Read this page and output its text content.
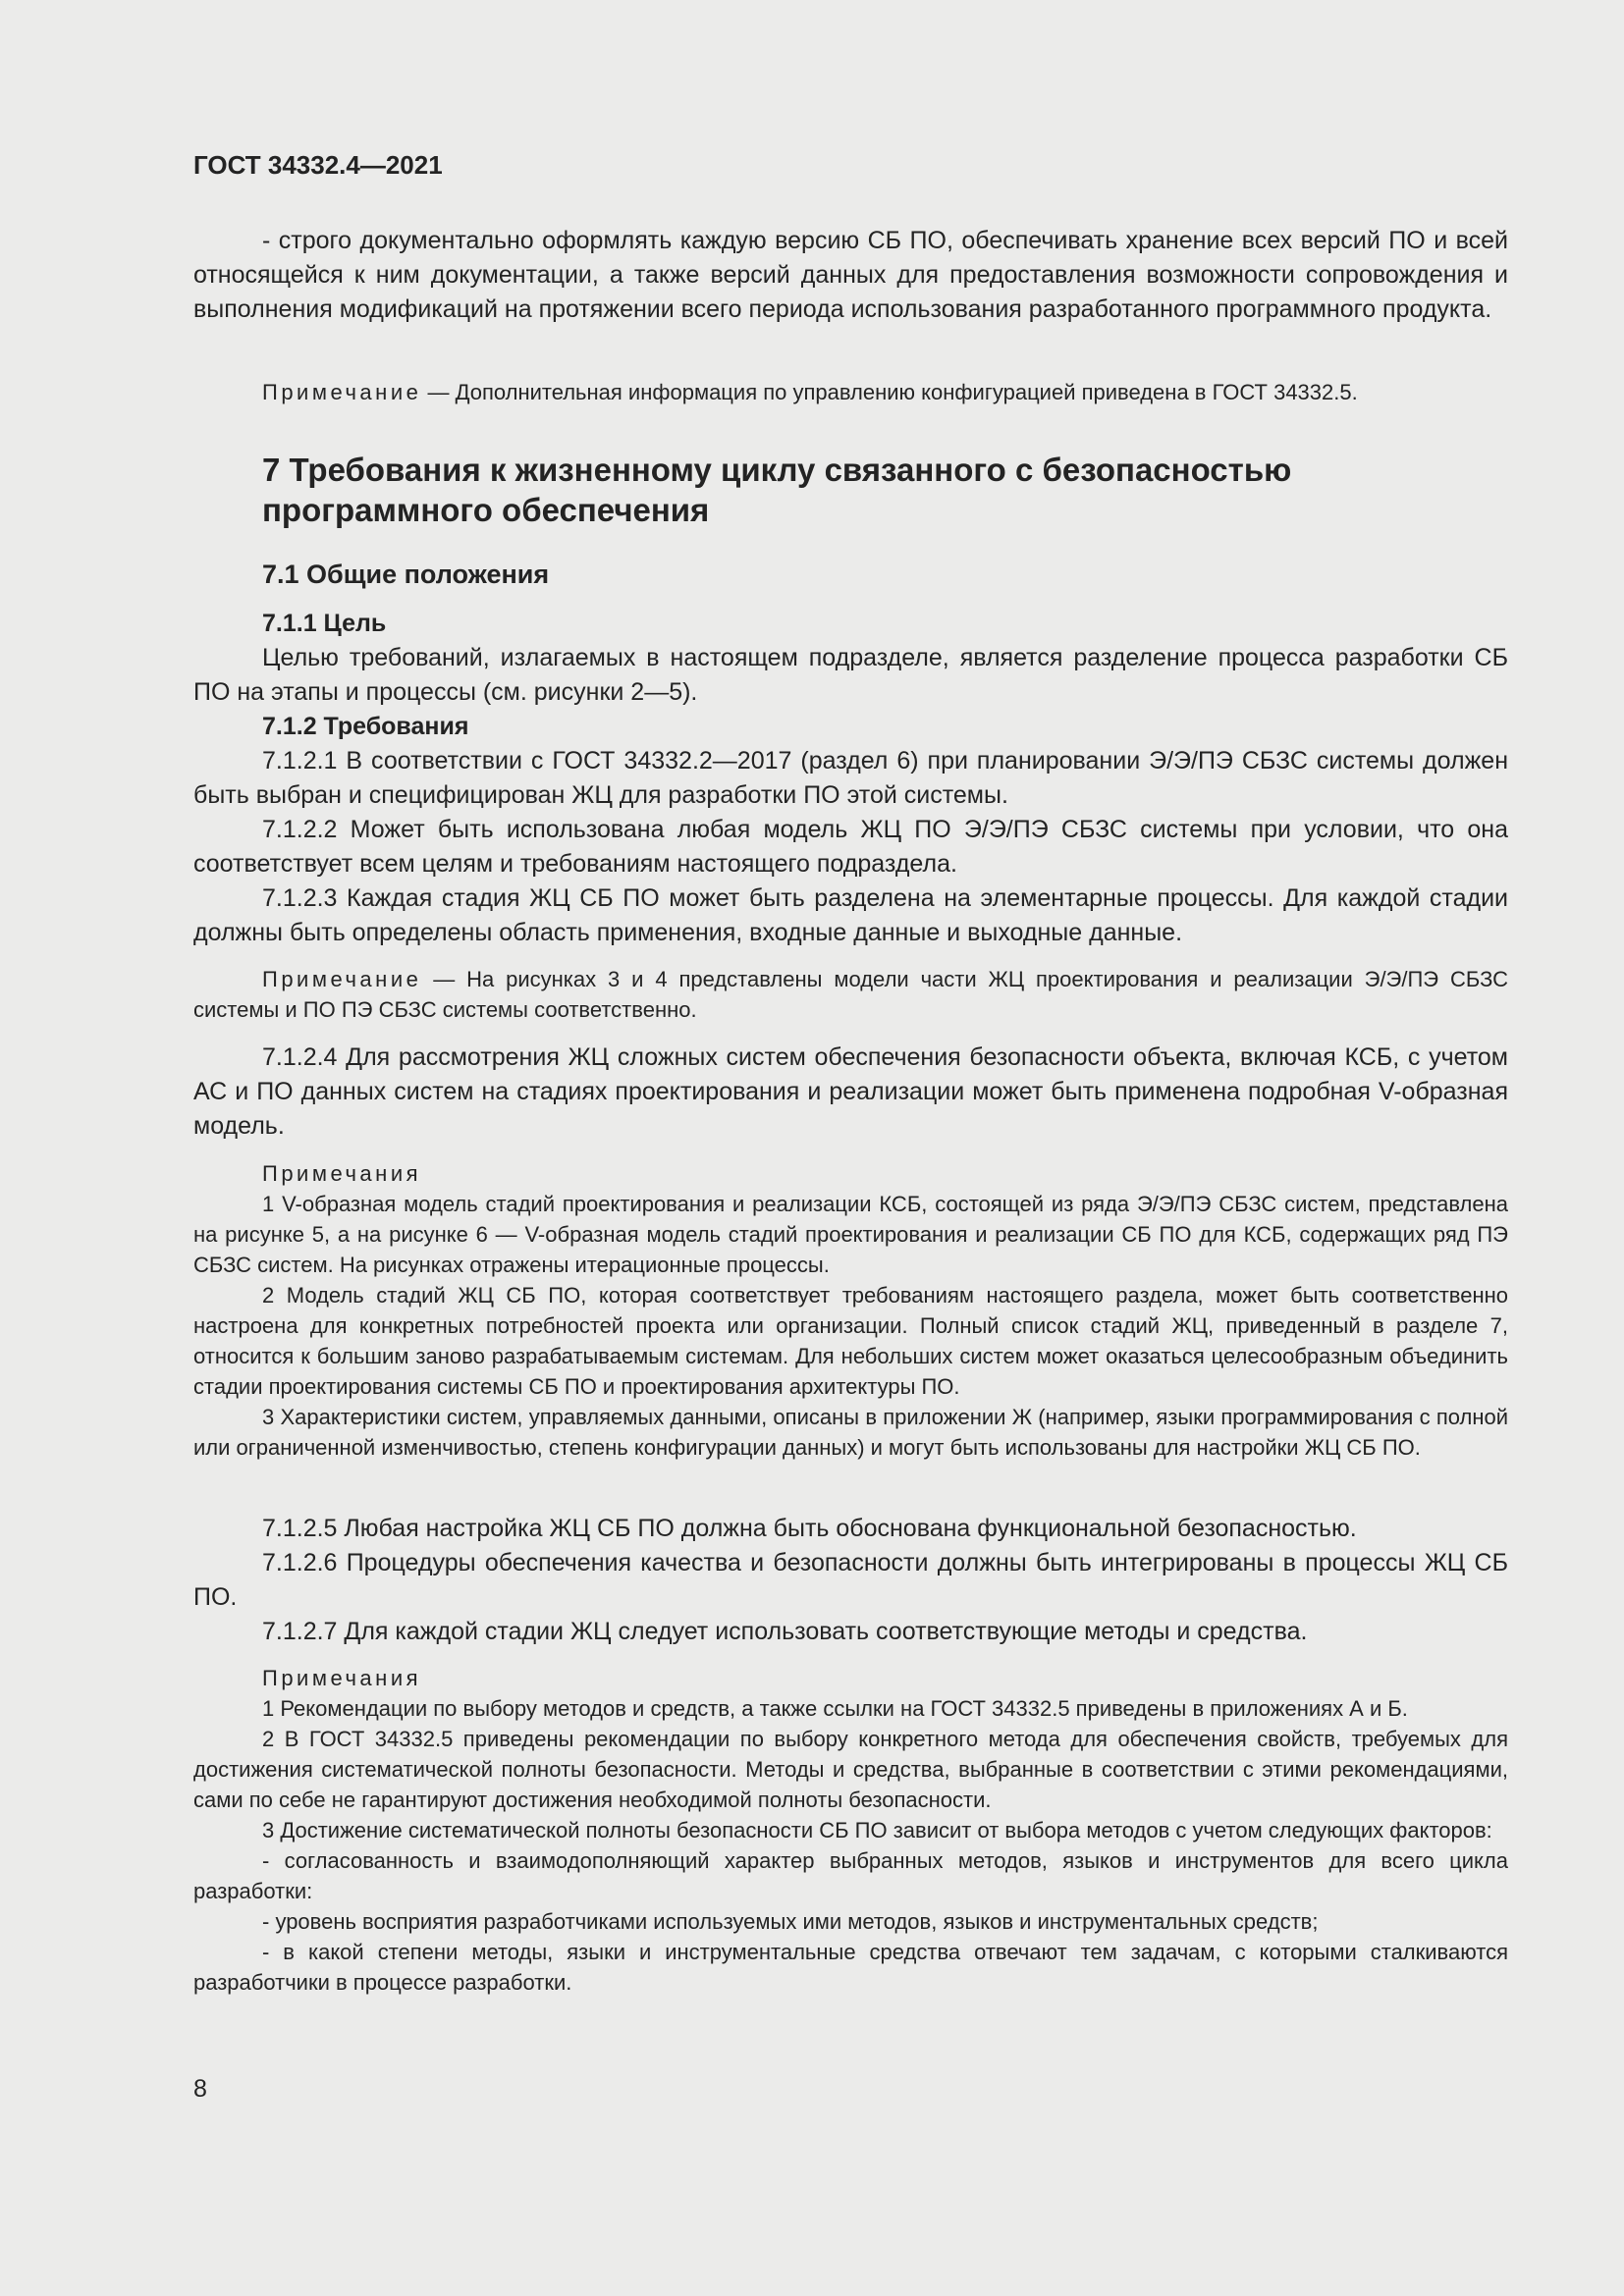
ГОСТ 34332.4—2021

- строго документально оформлять каждую версию СБ ПО, обеспечивать хранение всех версий ПО и всей относящейся к ним документации, а также версий данных для предоставления возможности сопровождения и выполнения модификаций на протяжении всего периода использования разработанного программного продукта.

Примечание — Дополнительная информация по управлению конфигурацией приведена в ГОСТ 34332.5.

7 Требования к жизненному циклу связанного с безопасностью программного обеспечения
7.1 Общие положения

7.1.1 Цель

Целью требований, излагаемых в настоящем подразделе, является разделение процесса разработки СБ ПО на этапы и процессы (см. рисунки 2—5).

7.1.2 Требования

7.1.2.1 В соответствии с ГОСТ 34332.2—2017 (раздел 6) при планировании Э/Э/ПЭ СБЗС системы должен быть выбран и специфицирован ЖЦ для разработки ПО этой системы.

7.1.2.2 Может быть использована любая модель ЖЦ ПО Э/Э/ПЭ СБЗС системы при условии, что она соответствует всем целям и требованиям настоящего подраздела.

7.1.2.3 Каждая стадия ЖЦ СБ ПО может быть разделена на элементарные процессы. Для каждой стадии должны быть определены область применения, входные данные и выходные данные.

Примечание — На рисунках 3 и 4 представлены модели части ЖЦ проектирования и реализации Э/Э/ПЭ СБЗС системы и ПО ПЭ СБЗС системы соответственно.

7.1.2.4 Для рассмотрения ЖЦ сложных систем обеспечения безопасности объекта, включая КСБ, с учетом АС и ПО данных систем на стадиях проектирования и реализации может быть применена подробная V-образная модель.

Примечания

1 V-образная модель стадий проектирования и реализации КСБ, состоящей из ряда Э/Э/ПЭ СБЗС систем, представлена на рисунке 5, а на рисунке 6 — V-образная модель стадий проектирования и реализации СБ ПО для КСБ, содержащих ряд ПЭ СБЗС систем. На рисунках отражены итерационные процессы.

2 Модель стадий ЖЦ СБ ПО, которая соответствует требованиям настоящего раздела, может быть соответственно настроена для конкретных потребностей проекта или организации. Полный список стадий ЖЦ, приведенный в разделе 7, относится к большим заново разрабатываемым системам. Для небольших систем может оказаться целесообразным объединить стадии проектирования системы СБ ПО и проектирования архитектуры ПО.

3 Характеристики систем, управляемых данными, описаны в приложении Ж (например, языки программирования с полной или ограниченной изменчивостью, степень конфигурации данных) и могут быть использованы для настройки ЖЦ СБ ПО.

7.1.2.5 Любая настройка ЖЦ СБ ПО должна быть обоснована функциональной безопасностью.

7.1.2.6 Процедуры обеспечения качества и безопасности должны быть интегрированы в процессы ЖЦ СБ ПО.

7.1.2.7 Для каждой стадии ЖЦ следует использовать соответствующие методы и средства.

Примечания

1 Рекомендации по выбору методов и средств, а также ссылки на ГОСТ 34332.5 приведены в приложениях А и Б.

2 В ГОСТ 34332.5 приведены рекомендации по выбору конкретного метода для обеспечения свойств, требуемых для достижения систематической полноты безопасности. Методы и средства, выбранные в соответствии с этими рекомендациями, сами по себе не гарантируют достижения необходимой полноты безопасности.

3 Достижение систематической полноты безопасности СБ ПО зависит от выбора методов с учетом следующих факторов:

- согласованность и взаимодополняющий характер выбранных методов, языков и инструментов для всего цикла разработки:

- уровень восприятия разработчиками используемых ими методов, языков и инструментальных средств;

- в какой степени методы, языки и инструментальные средства отвечают тем задачам, с которыми сталкиваются разработчики в процессе разработки.

8
